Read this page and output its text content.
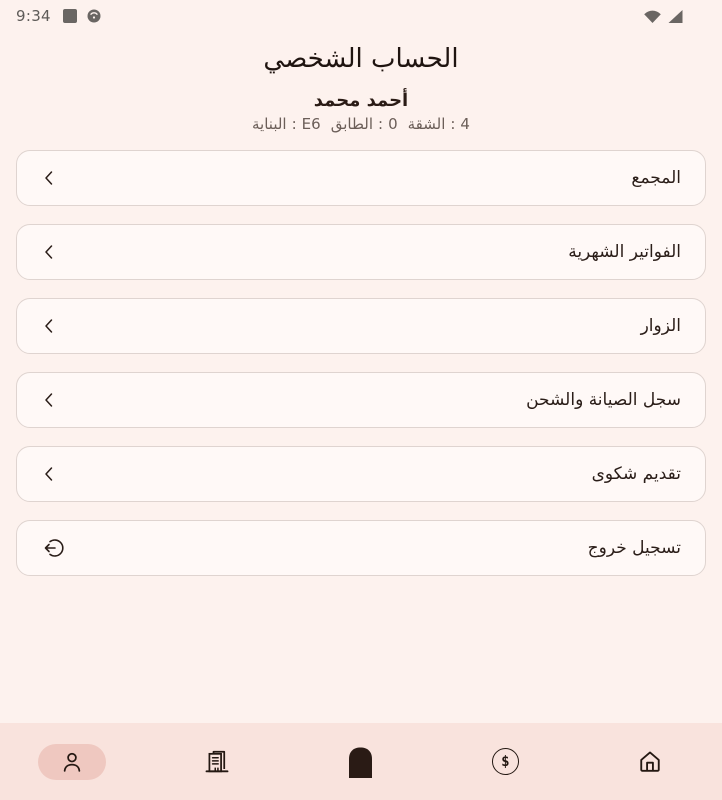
9:34
الحساب الشخصي
أحمد محمد
البناية : E6 الطابق : 0 الشقة : 4
المجمع
الفواتير الشهرية
الزوار
سجل الصيانة والشحن
تقديم شكوى
تسجيل خروج
$
